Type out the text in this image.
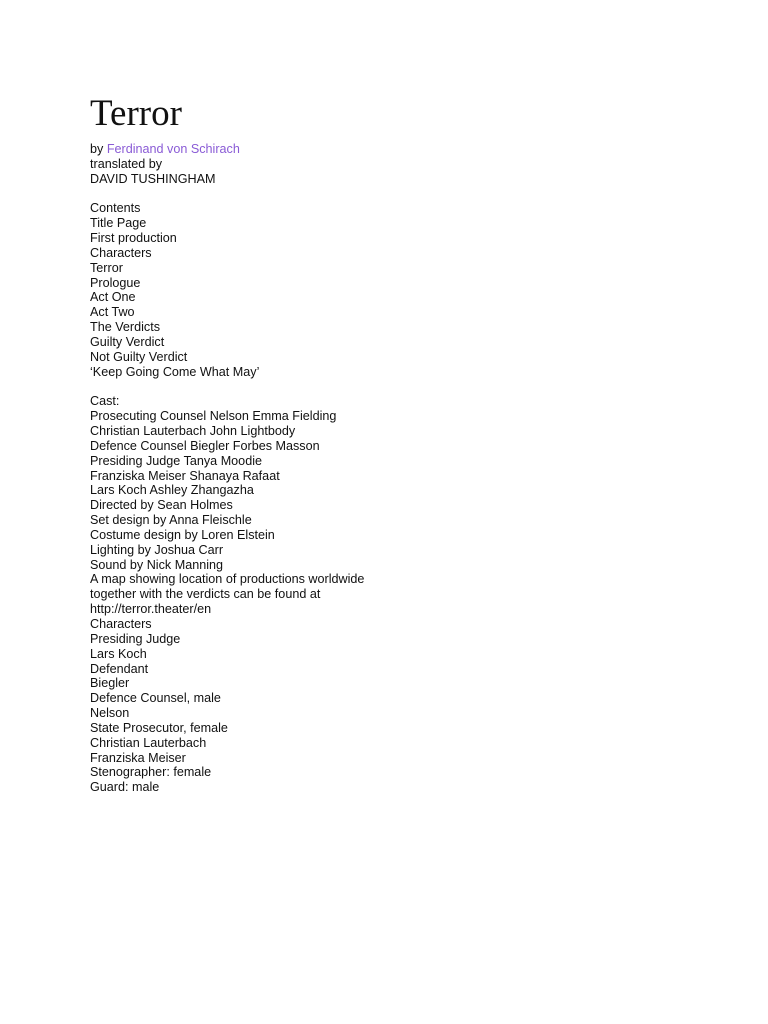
Terror
by Ferdinand von Schirach
translated by
DAVID TUSHINGHAM
Contents
Title Page
First production
Characters
Terror
Prologue
Act One
Act Two
The Verdicts
Guilty Verdict
Not Guilty Verdict
‘Keep Going Come What May’
Cast:
Prosecuting Counsel Nelson Emma Fielding
Christian Lauterbach John Lightbody
Defence Counsel Biegler Forbes Masson
Presiding Judge Tanya Moodie
Franziska Meiser Shanaya Rafaat
Lars Koch Ashley Zhangazha
Directed by Sean Holmes
Set design by Anna Fleischle
Costume design by Loren Elstein
Lighting by Joshua Carr
Sound by Nick Manning
A map showing location of productions worldwide
together with the verdicts can be found at
http://terror.theater/en
Characters
Presiding Judge
Lars Koch
Defendant
Biegler
Defence Counsel, male
Nelson
State Prosecutor, female
Christian Lauterbach
Franziska Meiser
Stenographer: female
Guard: male
